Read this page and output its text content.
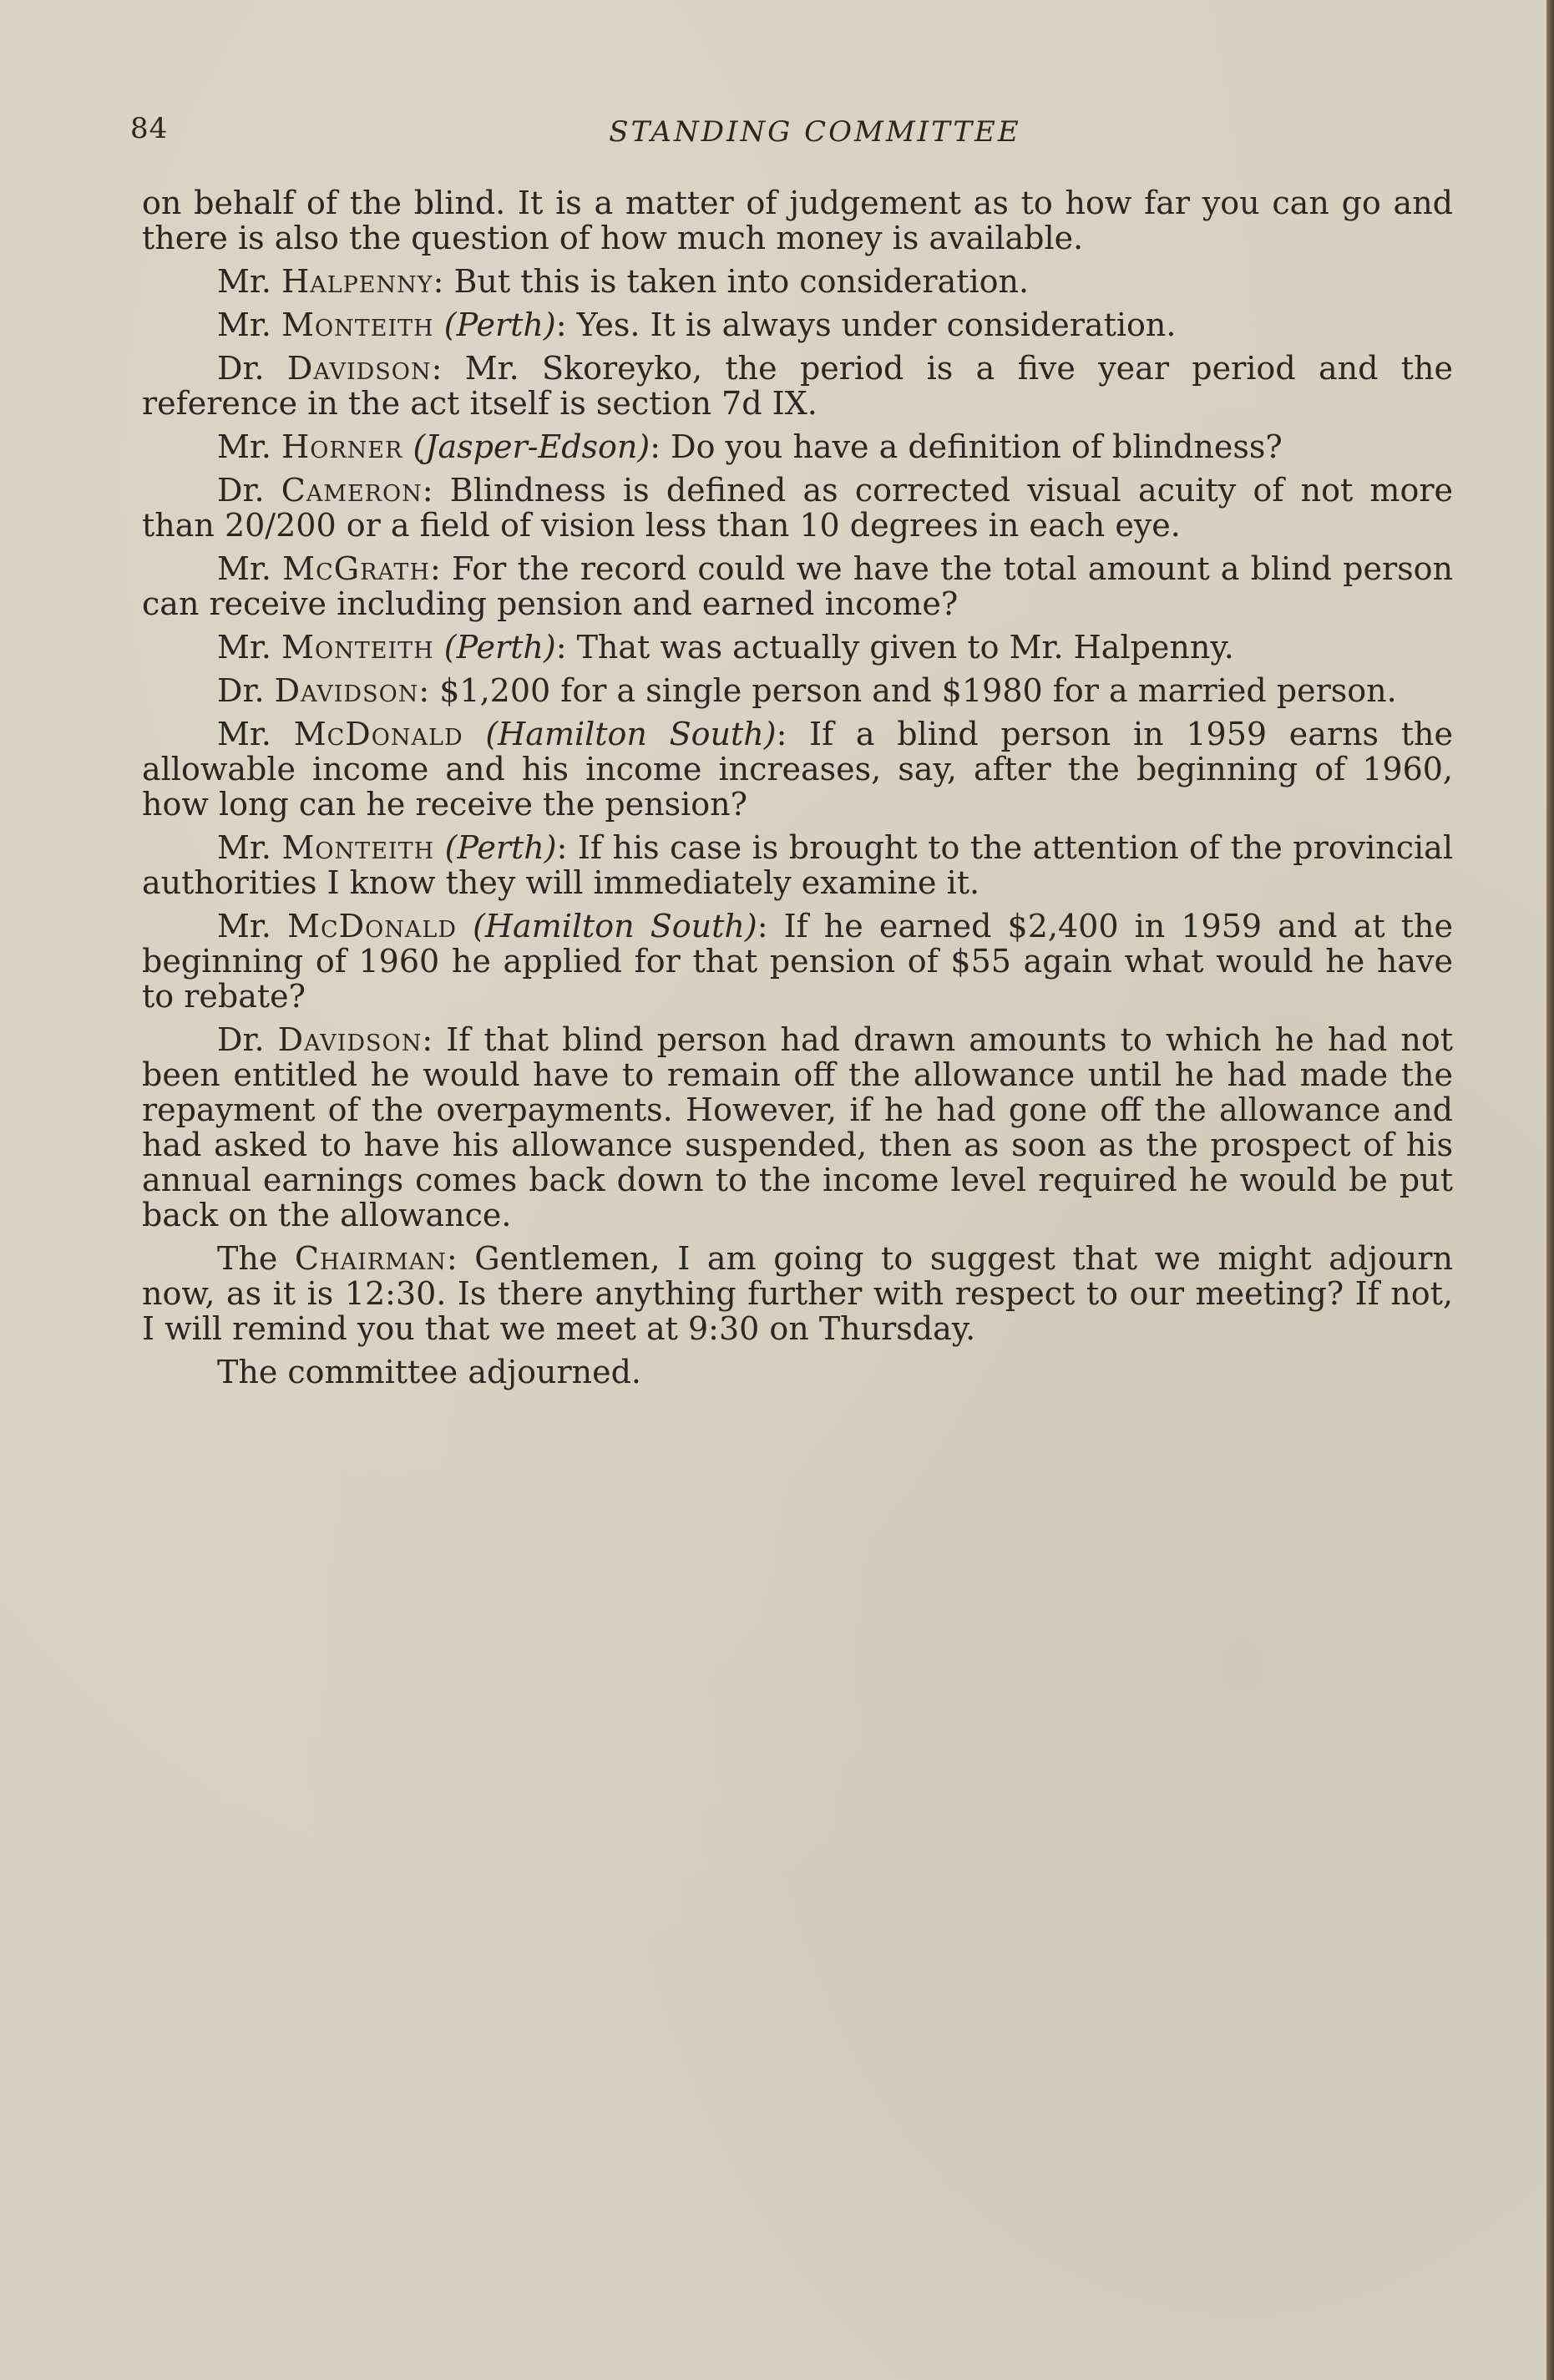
84	STANDING COMMITTEE

on behalf of the blind. It is a matter of judgement as to how far you can go and there is also the question of how much money is available.

Mr. Halpenny: But this is taken into consideration.

Mr. Monteith (Perth): Yes. It is always under consideration.

Dr. Davidson: Mr. Skoreyko, the period is a five year period and the reference in the act itself is section 7d IX.

Mr. Horner (Jasper-Edson): Do you have a definition of blindness?

Dr. Cameron: Blindness is defined as corrected visual acuity of not more than 20/200 or a field of vision less than 10 degrees in each eye.

Mr. McGrath: For the record could we have the total amount a blind person can receive including pension and earned income?

Mr. Monteith (Perth): That was actually given to Mr. Halpenny.

Dr. Davidson: $1,200 for a single person and $1980 for a married person.

Mr. McDonald (Hamilton South): If a blind person in 1959 earns the allowable income and his income increases, say, after the beginning of 1960, how long can he receive the pension?

Mr. Monteith (Perth): If his case is brought to the attention of the provincial authorities I know they will immediately examine it.

Mr. McDonald (Hamilton South): If he earned $2,400 in 1959 and at the beginning of 1960 he applied for that pension of $55 again what would he have to rebate?

Dr. Davidson: If that blind person had drawn amounts to which he had not been entitled he would have to remain off the allowance until he had made the repayment of the overpayments. However, if he had gone off the allowance and had asked to have his allowance suspended, then as soon as the prospect of his annual earnings comes back down to the income level required he would be put back on the allowance.

The Chairman: Gentlemen, I am going to suggest that we might adjourn now, as it is 12:30. Is there anything further with respect to our meeting? If not, I will remind you that we meet at 9:30 on Thursday.

The committee adjourned.
